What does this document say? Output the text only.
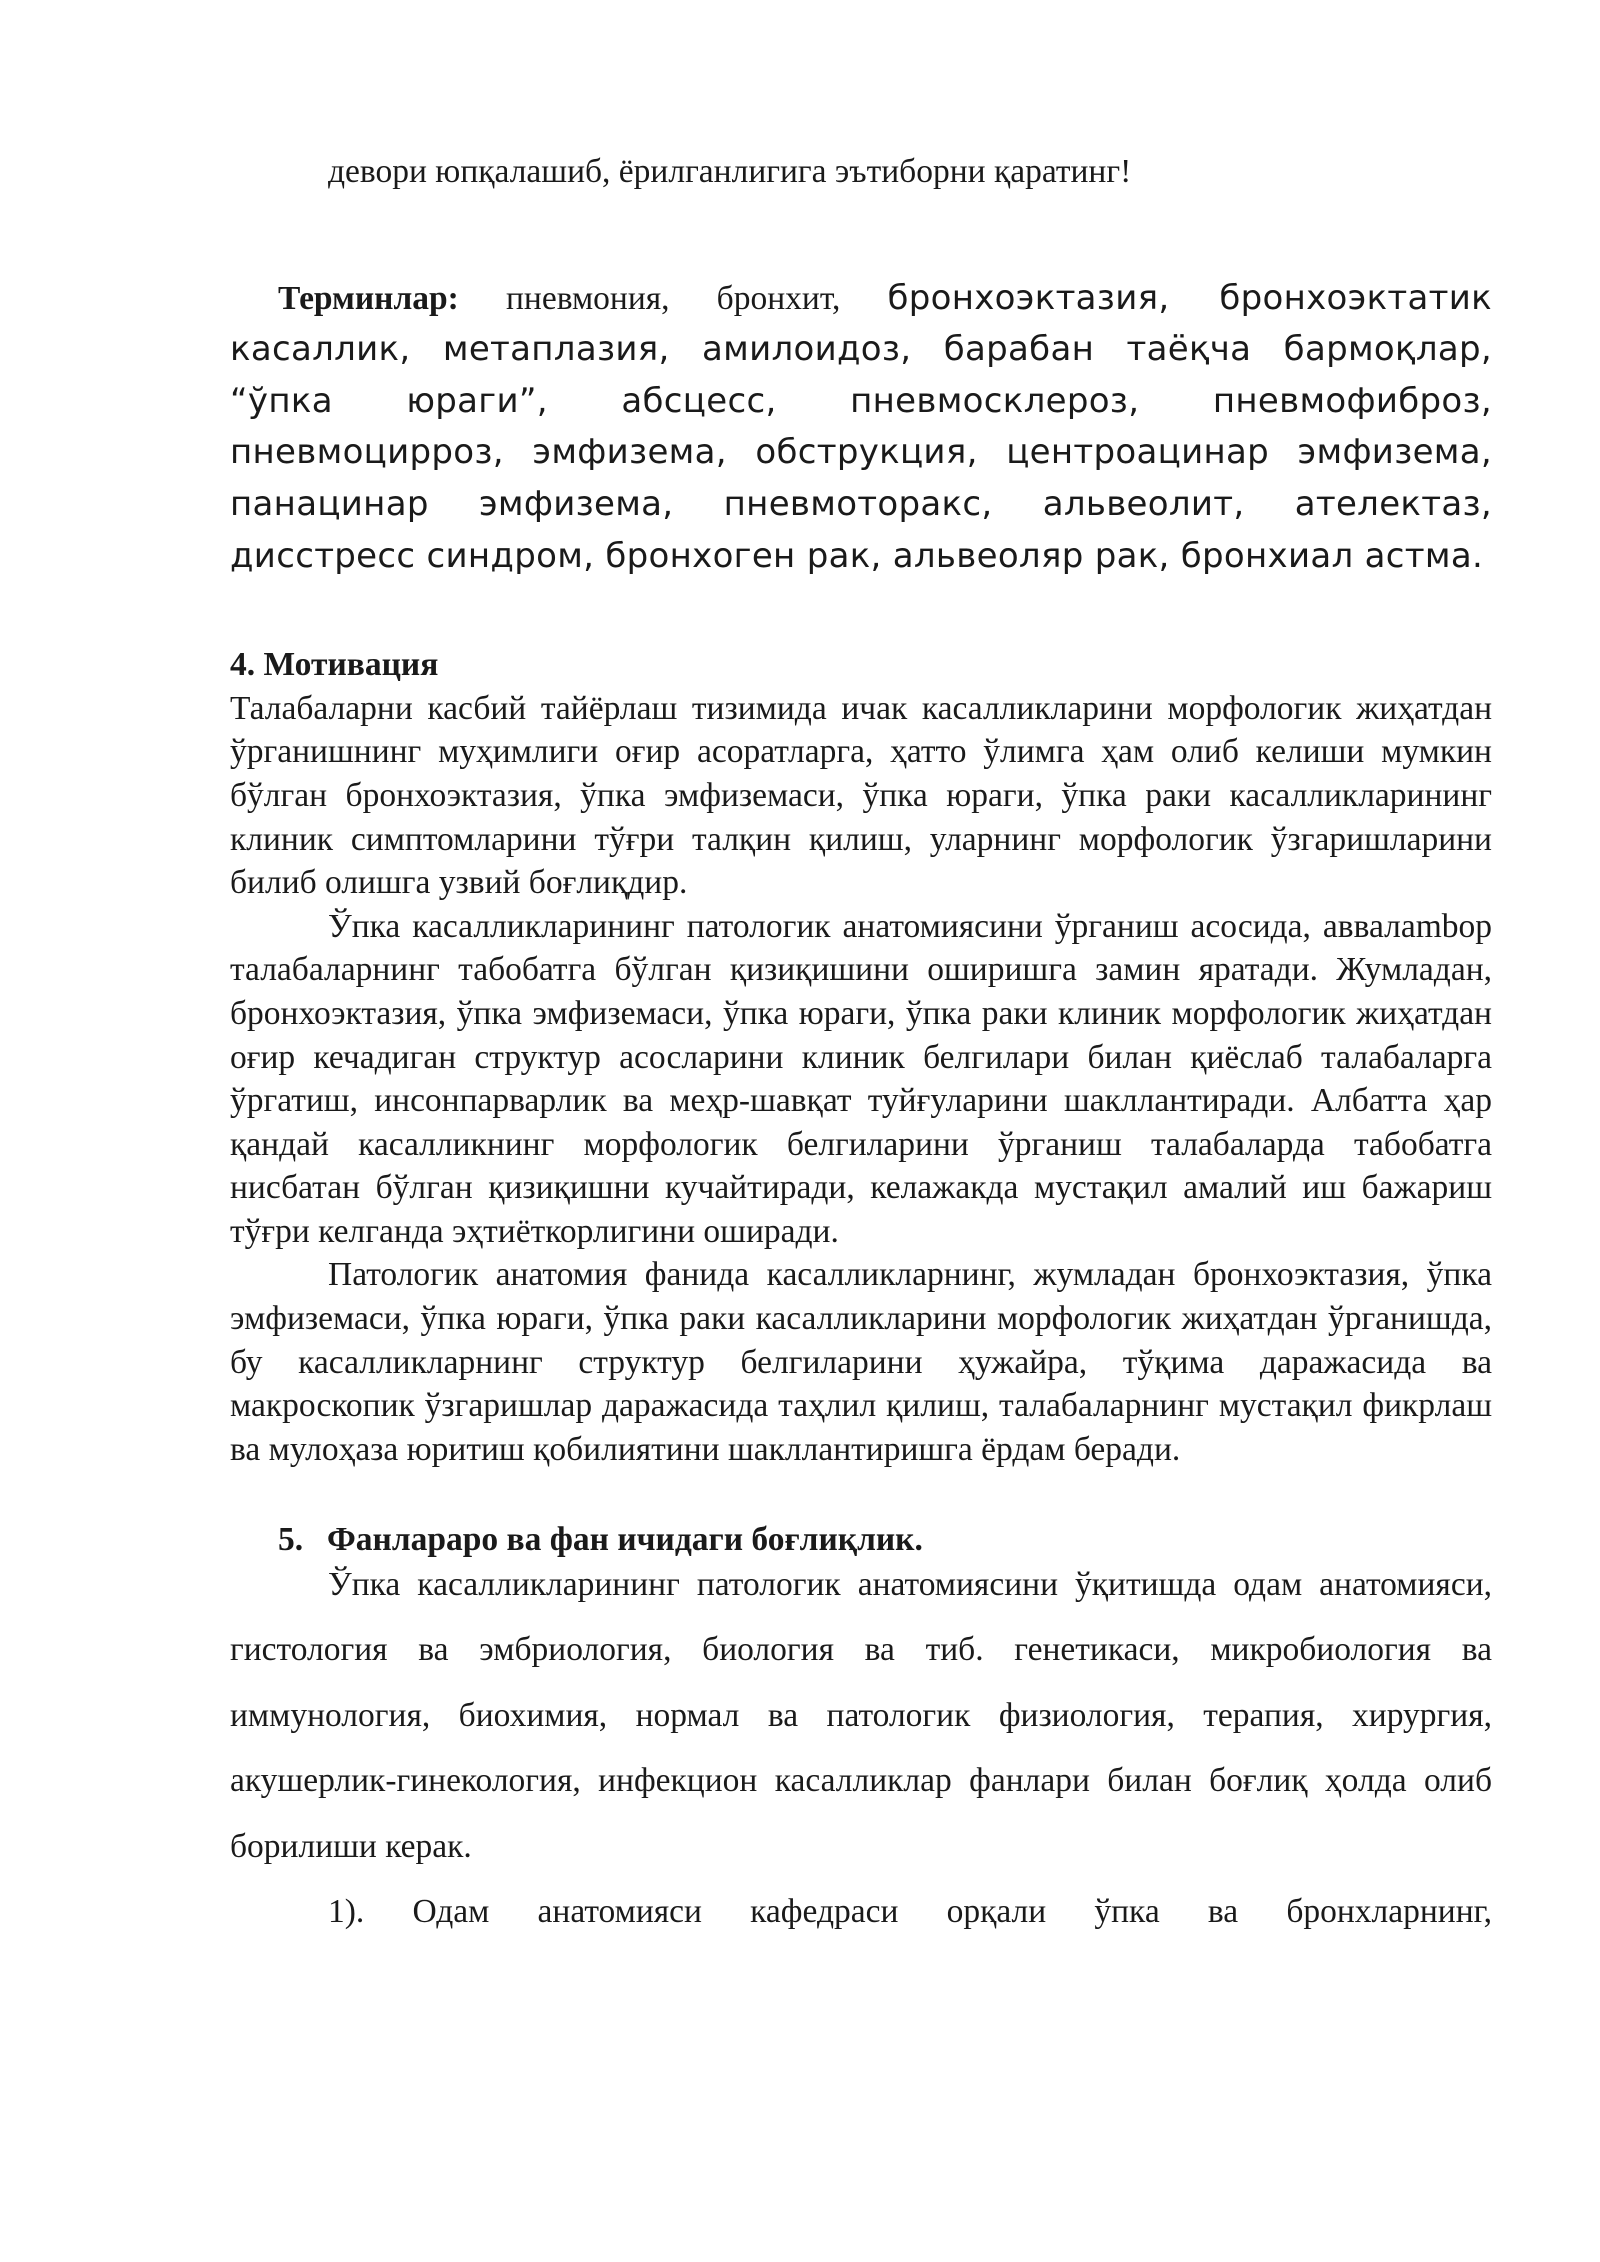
девори юпқалашиб, ёрилганлигига эътиборни қаратинг!

Терминлар: пневмония, бронхит, бронхоэктазия, бронхоэктатик касаллик, метаплазия, амилоидоз, барабан таёқча бармоқлар, “ўпка юраги”, абсцесс, пневмосклероз, пневмофиброз, пневмоцирроз, эмфизема, обструкция, центроацинар эмфизема, панацинар эмфизема, пневмоторакс, альвеолит, ателектаз, дисстресс синдром, бронхоген рак, альвеоляр рак, бронхиал астма.

4. Мотивация

Талабаларни касбий тайёрлаш тизимида ичак касалликларини морфологик жиҳатдан ўрганишнинг муҳимлиги оғир асоратларга, ҳатто ўлимга ҳам олиб келиши мумкин бўлган бронхоэктазия, ўпка эмфиземаси, ўпка юраги, ўпка раки касалликларининг клиник симптомларини тўғри талқин қилиш, уларнинг морфологик ўзгаришларини билиб олишга узвий боғлиқдир.

Ўпка касалликларининг патологик анатомиясини ўрганиш асосида, аввалambор талабаларнинг табобатга бўлган қизиқишини оширишга замин яратади. Жумладан, бронхоэктазия, ўпка эмфиземаси, ўпка юраги, ўпка раки клиник морфологик жиҳатдан оғир кечадиган структур асосларини клиник белгилари билан қиёслаб талабаларга ўргатиш, инсонпарварлик ва меҳр-шавқат туйғуларини шакллантиради. Албатта ҳар қандай касалликнинг морфологик белгиларини ўрганиш талабаларда табобатга нисбатан бўлган қизиқишни кучайтиради, келажакда мустақил амалий иш бажариш тўғри келганда эҳтиёткорлигини оширади.

Патологик анатомия фанида касалликларнинг, жумладан бронхоэктазия, ўпка эмфиземаси, ўпка юраги, ўпка раки касалликларини морфологик жиҳатдан ўрганишда, бу касалликларнинг структур белгиларини ҳужайра, тўқима даражасида ва макроскопик ўзгаришлар даражасида таҳлил қилиш, талабаларнинг мустақил фикрлаш ва мулоҳаза юритиш қобилиятини шакллантиришга ёрдам беради.

5. Фанлараро ва фан ичидаги боғлиқлик.

Ўпка касалликларининг патологик анатомиясини ўқитишда одам анатомияси, гистология ва эмбриология, биология ва тиб. генетикаси, микробиология ва иммунология, биохимия, нормал ва патологик физиология, терапия, хирургия, акушерлик-гинекология, инфекцион касалликлар фанлари билан боғлиқ ҳолда олиб борилиши керак.

1). Одам анатомияси кафедраси орқали ўпка ва бронхларнинг,
